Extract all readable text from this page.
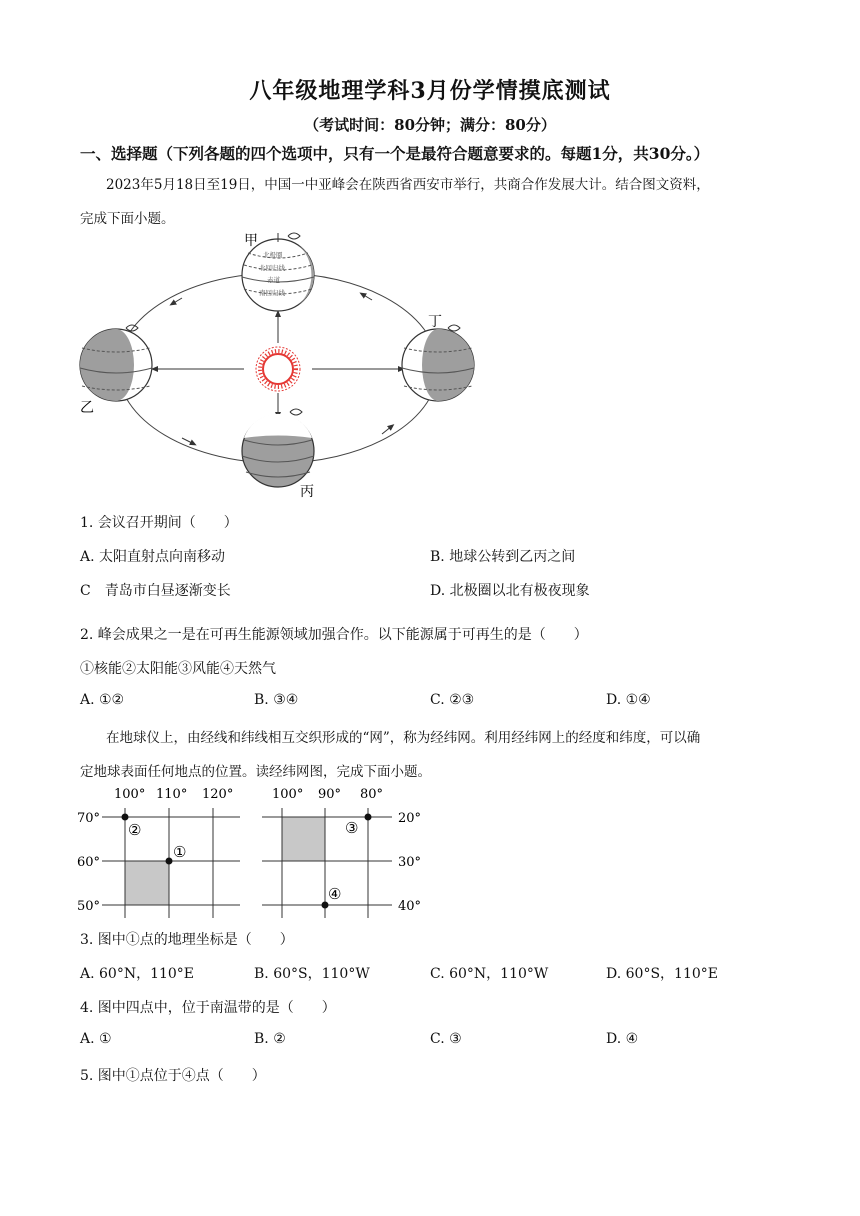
八年级地理学科3月份学情摸底测试
（考试时间：80分钟；满分：80分）
一、选择题（下列各题的四个选项中，只有一个是最符合题意要求的。每题1分，共30分。）
2023年5月18日至19日，中国一中亚峰会在陕西省西安市举行，共商合作发展大计。结合图文资料，
完成下面小题。
北极圈
北回归线
赤道
南回归线
甲
乙
丙
丁
1. 会议召开期间（　　）
A. 太阳直射点向南移动	B. 地球公转到乙丙之间
C　青岛市白昼逐渐变长	D. 北极圈以北有极夜现象
2. 峰会成果之一是在可再生能源领域加强合作。以下能源属于可再生的是（　　）
①核能②太阳能③风能④天然气
A. ①②	B. ③④	C. ②③	D. ①④
在地球仪上，由经线和纬线相互交织形成的“网”，称为经纬网。利用经纬网上的经度和纬度，可以确
定地球表面任何地点的位置。读经纬网图，完成下面小题。
100° 110° 120°
70°
60°
50°
②
①
100° 90° 80°
20°
30°
40°
③
④
3. 图中①点的地理坐标是（　　）
A. 60°N，110°E	B. 60°S，110°W	C. 60°N，110°W	D. 60°S，110°E
4. 图中四点中，位于南温带的是（　　）
A. ①	B. ②	C. ③	D. ④
5. 图中①点位于④点（　　）
